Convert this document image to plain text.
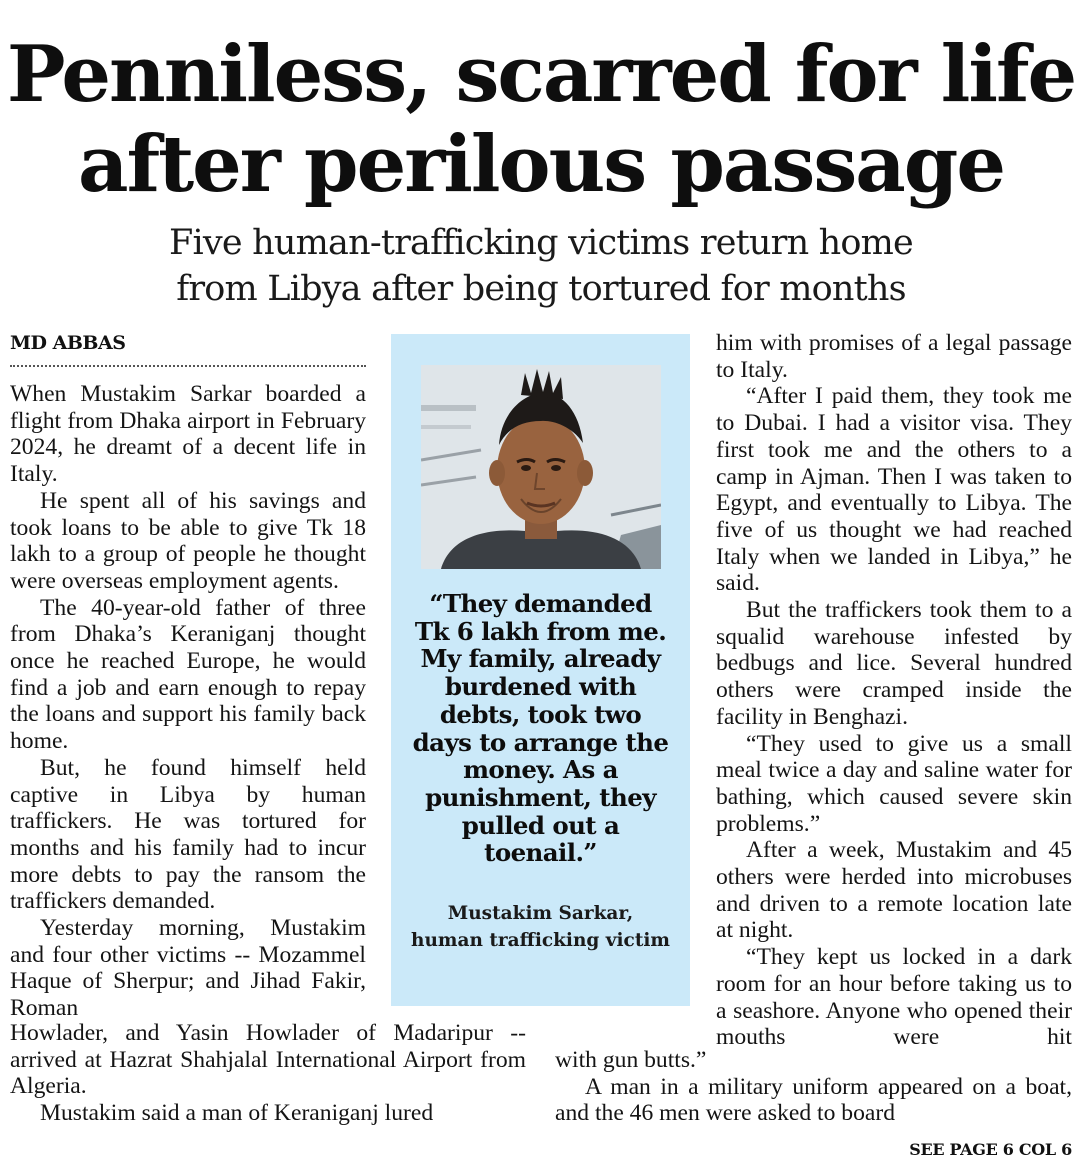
Penniless, scarred for life
after perilous passage
Five human-trafficking victims return home
from Libya after being tortured for months
MD ABBAS

When Mustakim Sarkar boarded a flight from Dhaka airport in February 2024, he dreamt of a decent life in Italy.

He spent all of his savings and took loans to be able to give Tk 18 lakh to a group of people he thought were overseas employment agents.

The 40-year-old father of three from Dhaka’s Keraniganj thought once he reached Europe, he would find a job and earn enough to repay the loans and support his family back home.

But, he found himself held captive in Libya by human traffickers. He was tortured for months and his family had to incur more debts to pay the ransom the traffickers demanded.

Yesterday morning, Mustakim and four other victims -- Mozammel Haque of Sherpur; and Jihad Fakir, Roman

Howlader, and Yasin Howlader of Madaripur -- arrived at Hazrat Shahjalal International Airport from Algeria.

Mustakim said a man of Keraniganj lured

“They demanded Tk 6 lakh from me. My family, already burdened with debts, took two days to arrange the money. As a punishment, they pulled out a toenail.”
Mustakim Sarkar,
human trafficking victim

him with promises of a legal passage to Italy.

“After I paid them, they took me to Dubai. I had a visitor visa. They first took me and the others to a camp in Ajman. Then I was taken to Egypt, and eventually to Libya. The five of us thought we had reached Italy when we landed in Libya,” he said.

But the traffickers took them to a squalid warehouse infested by bedbugs and lice. Several hundred others were cramped inside the facility in Benghazi.

“They used to give us a small meal twice a day and saline water for bathing, which caused severe skin problems.”

After a week, Mustakim and 45 others were herded into microbuses and driven to a remote location late at night.

“They kept us locked in a dark room for an hour before taking us to a seashore. Anyone who opened their mouths were hit

with gun butts.”

A man in a military uniform appeared on a boat, and the 46 men were asked to board

SEE PAGE 6 COL 6
